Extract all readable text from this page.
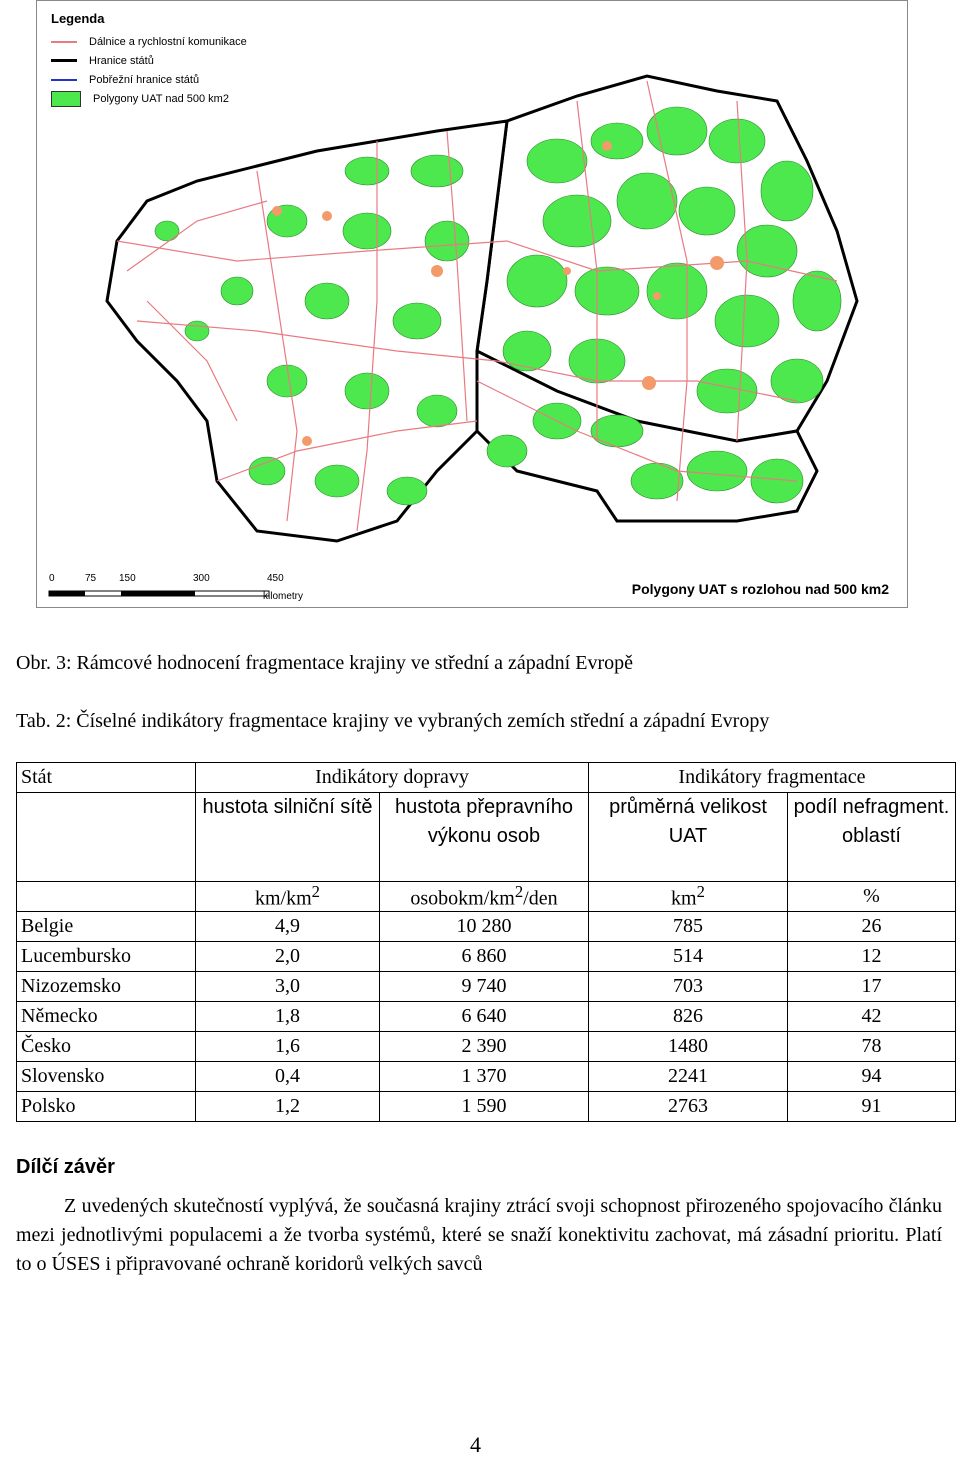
Legenda
Dálnice a rychlostní komunikace
Hranice států
Pobřežní hranice států
Polygony UAT nad 500 km2
0	75 150	300	450
kilometry	Polygony UAT s rozlohou nad 500 km2
Obr. 3: Rámcové hodnocení fragmentace krajiny ve střední a západní Evropě
Tab. 2: Číselné indikátory fragmentace krajiny ve vybraných zemích střední a západní Evropy
Stát	Indikátory dopravy		Indikátory fragmentace	
	hustota silniční sítě	hustota přepravního výkonu osob	průměrná velikost UAT	podíl nefragment. oblastí
	$km/km^2$	osobokm/$km^2$/den	$km^2$	%
Belgie	4,9	10 280	785	26
Lucembursko	2,0	6 860	514	12
Nizozemsko	3,0	9 740	703	17
Německo	1,8	6 640	826	42
Česko	1,6	2 390	1480	78
Slovensko	0,4	1 370	2241	94
Polsko	1,2	1 590	2763	91
Dílčí závěr
Z uvedených skutečností vyplývá, že současná krajiny ztrácí svoji schopnost přirozeného spojovacího článku mezi jednotlivými populacemi a že tvorba systémů, které se snaží konektivitu zachovat, má zásadní prioritu. Platí to o ÚSES i připravované ochraně koridorů velkých savců
4
